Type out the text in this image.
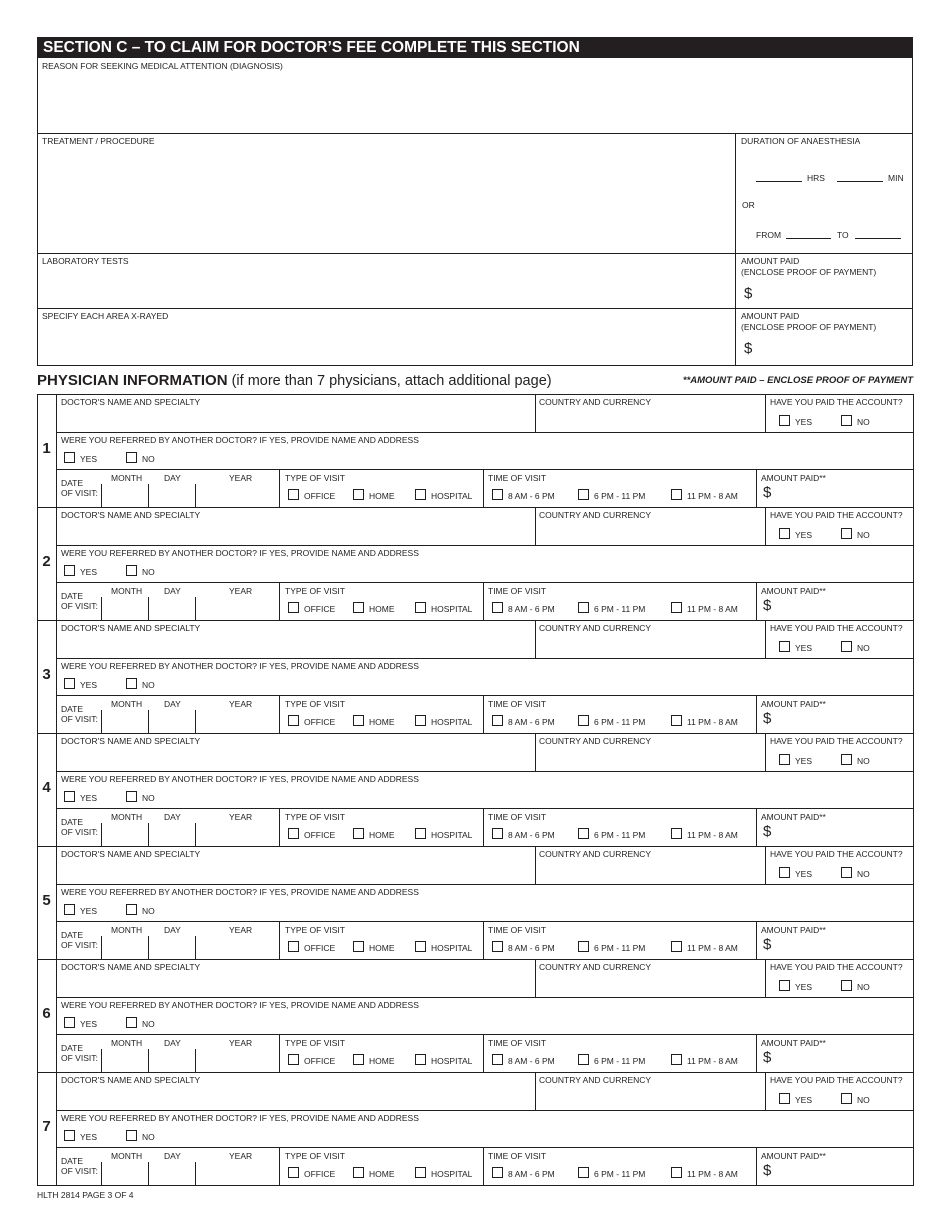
SECTION C – TO CLAIM FOR DOCTOR’S FEE COMPLETE THIS SECTION
REASON FOR SEEKING MEDICAL ATTENTION (DIAGNOSIS)
TREATMENT / PROCEDURE	DURATION OF ANAESTHESIA
HRS	MIN
OR
FROM	TO
LABORATORY TESTS	AMOUNT PAID
(ENCLOSE PROOF OF PAYMENT)
$
SPECIFY EACH AREA X-RAYED	AMOUNT PAID
(ENCLOSE PROOF OF PAYMENT)
$
PHYSICIAN INFORMATION (if more than 7 physicians, attach additional page)	**AMOUNT PAID – ENCLOSE PROOF OF PAYMENT
1
DOCTOR'S NAME AND SPECIALTY	COUNTRY AND CURRENCY	HAVE YOU PAID THE ACCOUNT?
YES	NO
WERE YOU REFERRED BY ANOTHER DOCTOR? IF YES, PROVIDE NAME AND ADDRESS
YES	NO
DATE
OF VISIT:
MONTH	DAY	YEAR	TYPE OF VISIT
OFFICE	HOME	HOSPITAL
TIME OF VISIT
8 AM - 6 PM	6 PM - 11 PM	11 PM - 8 AM
AMOUNT PAID**
$
2
DOCTOR'S NAME AND SPECIALTY	COUNTRY AND CURRENCY	HAVE YOU PAID THE ACCOUNT?
YES	NO
WERE YOU REFERRED BY ANOTHER DOCTOR? IF YES, PROVIDE NAME AND ADDRESS
YES	NO
DATE
OF VISIT:
MONTH	DAY	YEAR	TYPE OF VISIT
OFFICE	HOME	HOSPITAL
TIME OF VISIT
8 AM - 6 PM	6 PM - 11 PM	11 PM - 8 AM
AMOUNT PAID**
$
3
DOCTOR'S NAME AND SPECIALTY	COUNTRY AND CURRENCY	HAVE YOU PAID THE ACCOUNT?
YES	NO
WERE YOU REFERRED BY ANOTHER DOCTOR? IF YES, PROVIDE NAME AND ADDRESS
YES	NO
DATE
OF VISIT:
MONTH	DAY	YEAR	TYPE OF VISIT
OFFICE	HOME	HOSPITAL
TIME OF VISIT
8 AM - 6 PM	6 PM - 11 PM	11 PM - 8 AM
AMOUNT PAID**
$
4
DOCTOR'S NAME AND SPECIALTY	COUNTRY AND CURRENCY	HAVE YOU PAID THE ACCOUNT?
YES	NO
WERE YOU REFERRED BY ANOTHER DOCTOR? IF YES, PROVIDE NAME AND ADDRESS
YES	NO
DATE
OF VISIT:
MONTH	DAY	YEAR	TYPE OF VISIT
OFFICE	HOME	HOSPITAL
TIME OF VISIT
8 AM - 6 PM	6 PM - 11 PM	11 PM - 8 AM
AMOUNT PAID**
$
5
DOCTOR'S NAME AND SPECIALTY	COUNTRY AND CURRENCY	HAVE YOU PAID THE ACCOUNT?
YES	NO
WERE YOU REFERRED BY ANOTHER DOCTOR? IF YES, PROVIDE NAME AND ADDRESS
YES	NO
DATE
OF VISIT:
MONTH	DAY	YEAR	TYPE OF VISIT
OFFICE	HOME	HOSPITAL
TIME OF VISIT
8 AM - 6 PM	6 PM - 11 PM	11 PM - 8 AM
AMOUNT PAID**
$
6
DOCTOR'S NAME AND SPECIALTY	COUNTRY AND CURRENCY	HAVE YOU PAID THE ACCOUNT?
YES	NO
WERE YOU REFERRED BY ANOTHER DOCTOR? IF YES, PROVIDE NAME AND ADDRESS
YES	NO
DATE
OF VISIT:
MONTH	DAY	YEAR	TYPE OF VISIT
OFFICE	HOME	HOSPITAL
TIME OF VISIT
8 AM - 6 PM	6 PM - 11 PM	11 PM - 8 AM
AMOUNT PAID**
$
7
DOCTOR'S NAME AND SPECIALTY	COUNTRY AND CURRENCY	HAVE YOU PAID THE ACCOUNT?
YES	NO
WERE YOU REFERRED BY ANOTHER DOCTOR? IF YES, PROVIDE NAME AND ADDRESS
YES	NO
DATE
OF VISIT:
MONTH	DAY	YEAR	TYPE OF VISIT
OFFICE	HOME	HOSPITAL
TIME OF VISIT
8 AM - 6 PM	6 PM - 11 PM	11 PM - 8 AM
AMOUNT PAID**
$
HLTH 2814 PAGE 3 OF 4
